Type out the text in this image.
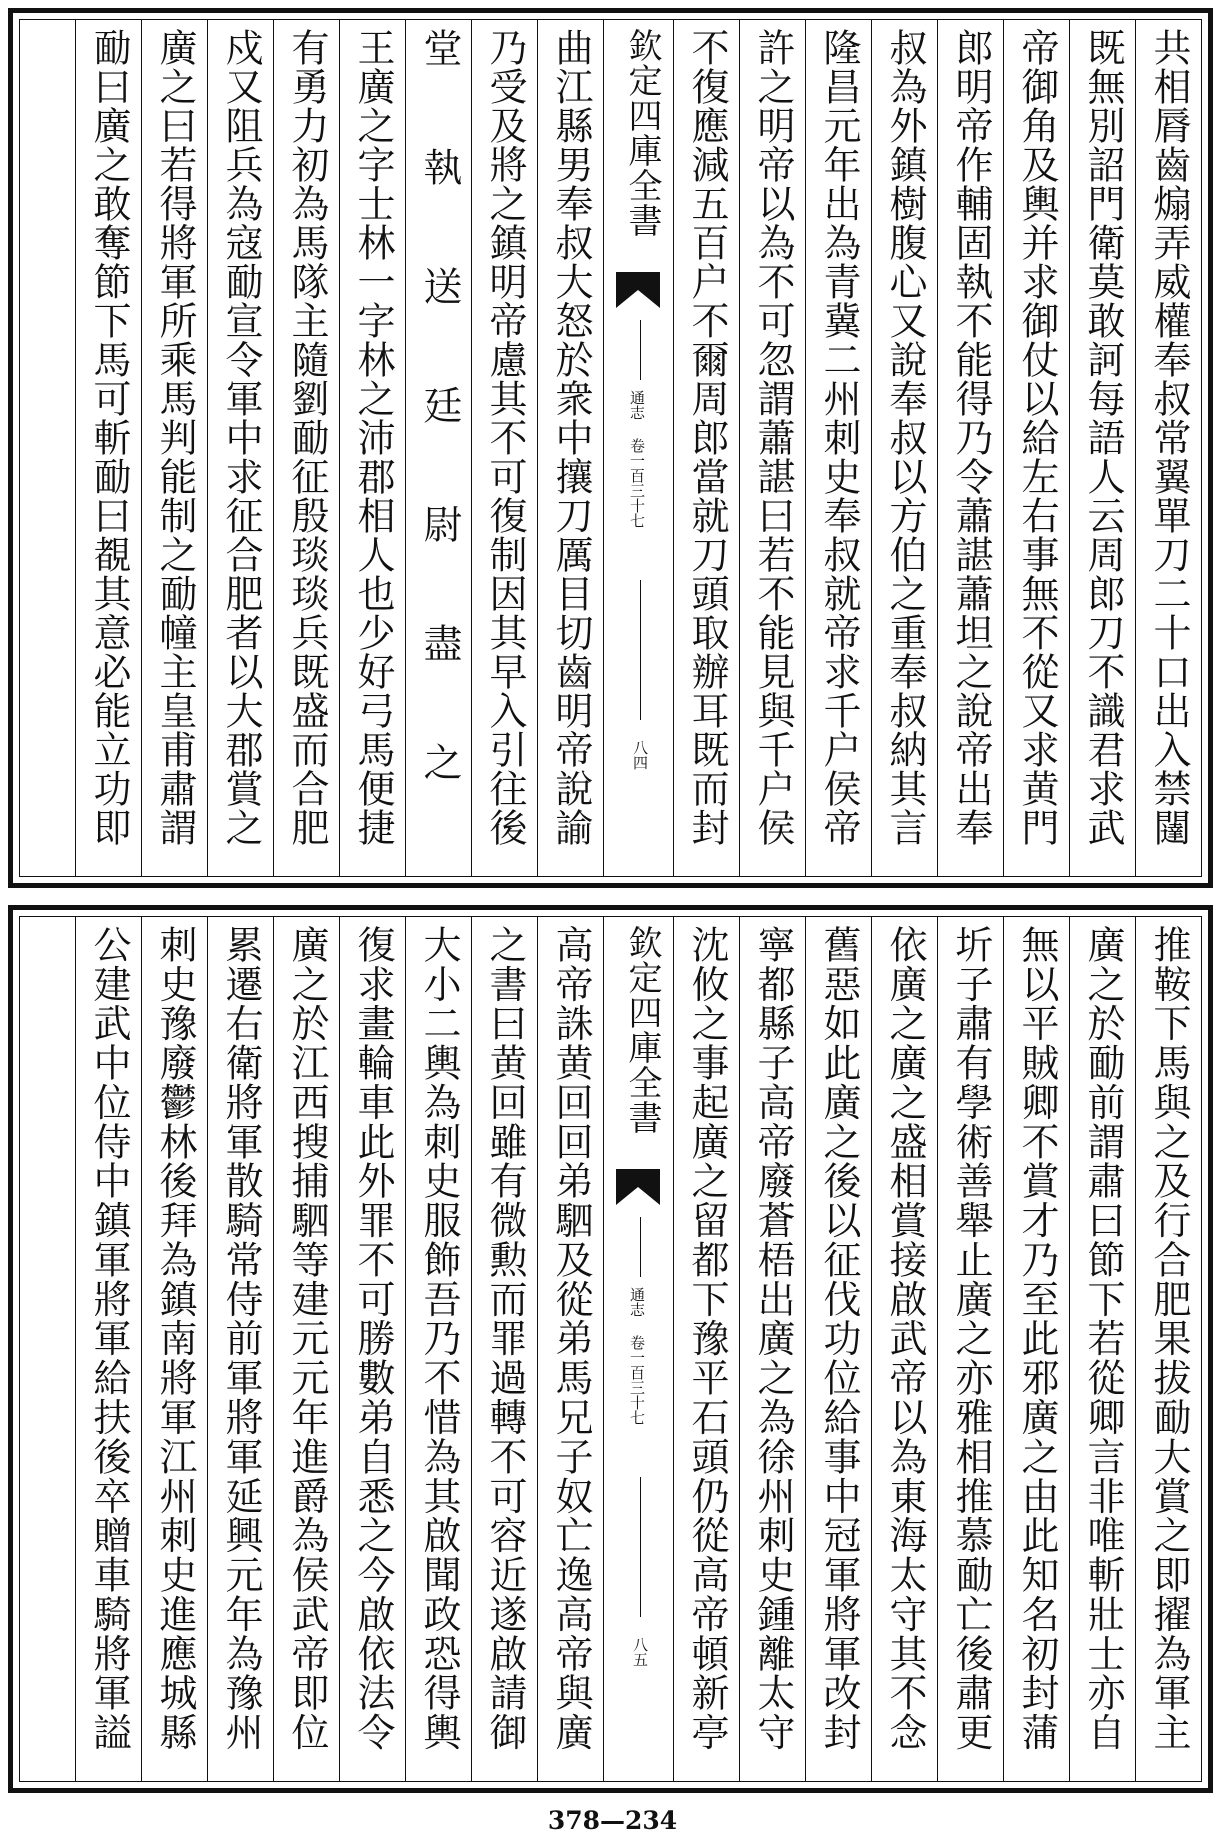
共相脣齒煽弄威權奉叔常翼單刀二十口出入禁闥
既無別詔門衛莫敢訶每語人云周郎刀不識君求武
帝御角及輿并求御仗以給左右事無不從又求黄門
郎明帝作輔固執不能得乃令蕭諶蕭坦之說帝出奉
叔為外鎮樹腹心又說奉叔以方伯之重奉叔納其言
隆昌元年出為青冀二州刺史奉叔就帝求千户侯帝
許之明帝以為不可忽謂蕭諶曰若不能見與千户侯
不復應減五百户不爾周郎當就刀頭取辦耳既而封
欽定四庫全書
通志 卷一百三十七
八四
曲江縣男奉叔大怒於衆中攘刀厲目切齒明帝說諭
乃受及將之鎮明帝慮其不可復制因其早入引往後
堂執送廷尉盡之
王廣之字士林一字林之沛郡相人也少好弓馬便捷
有勇力初為馬隊主隨劉勔征殷琰琰兵既盛而合肥
戍又阻兵為寇勔宣令軍中求征合肥者以大郡賞之
廣之曰若得將軍所乘馬判能制之勔幢主皇甫肅謂
勔曰廣之敢奪節下馬可斬勔曰覩其意必能立功即
推鞍下馬與之及行合肥果拔勔大賞之即擢為軍主
廣之於勔前謂肅曰節下若從卿言非唯斬壯士亦自
無以平賊卿不賞才乃至此邪廣之由此知名初封蒲
圻子肅有學術善舉止廣之亦雅相推慕勔亡後肅更
依廣之廣之盛相賞接啟武帝以為東海太守其不念
舊惡如此廣之後以征伐功位給事中冠軍將軍改封
寧都縣子高帝廢蒼梧出廣之為徐州刺史鍾離太守
沈攸之事起廣之留都下豫平石頭仍從高帝頓新亭
欽定四庫全書
通志 卷一百三十七
八五
高帝誅黄回回弟駟及從弟馬兄子奴亡逸高帝與廣
之書曰黄回雖有微勲而罪過轉不可容近遂啟請御
大小二輿為刺史服飾吾乃不惜為其啟聞政恐得輿
復求畫輪車此外罪不可勝數弟自悉之今啟依法令
廣之於江西搜捕駟等建元元年進爵為侯武帝即位
累遷右衛將軍散騎常侍前軍將軍延興元年為豫州
刺史豫廢鬱林後拜為鎮南將軍江州刺史進應城縣
公建武中位侍中鎮軍將軍給扶後卒贈車騎將軍謚
378—234
